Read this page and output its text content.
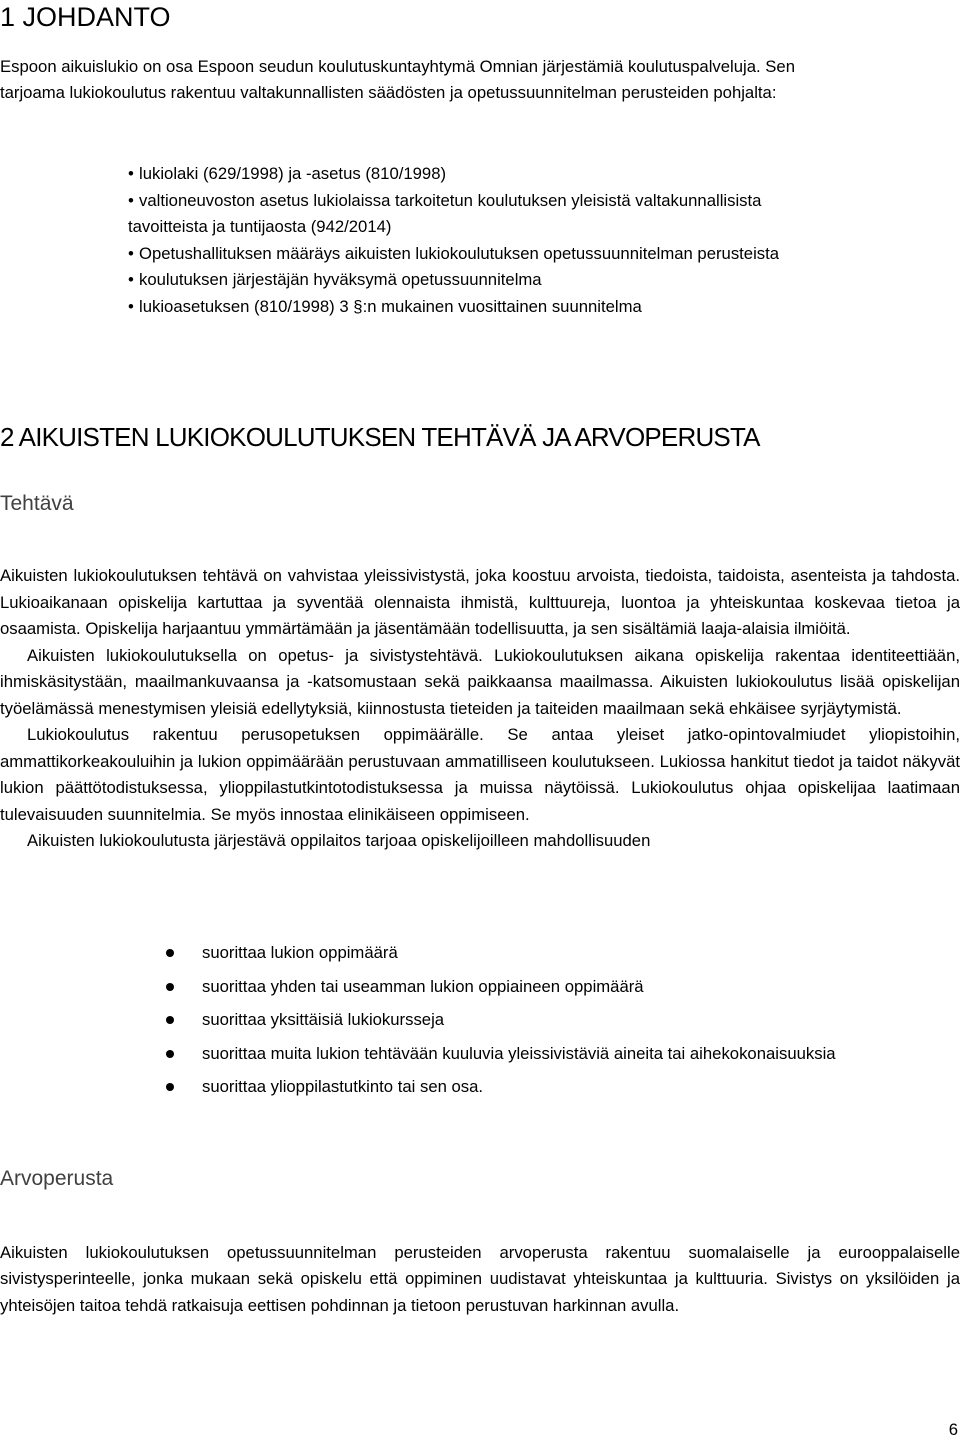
1 JOHDANTO

Espoon aikuislukio on osa Espoon seudun koulutuskuntayhtymä Omnian järjestämiä koulutuspalveluja. Sen
tarjoama lukiokoulutus rakentuu valtakunnallisten säädösten ja opetussuunnitelman perusteiden pohjalta:

• lukiolaki (629/1998) ja -asetus (810/1998)
• valtioneuvoston asetus lukiolaissa tarkoitetun koulutuksen yleisistä valtakunnallisista
tavoitteista ja tuntijaosta (942/2014)
• Opetushallituksen määräys aikuisten lukiokoulutuksen opetussuunnitelman perusteista
• koulutuksen järjestäjän hyväksymä opetussuunnitelma
• lukioasetuksen (810/1998) 3 §:n mukainen vuosittainen suunnitelma
2 AIKUISTEN LUKIOKOULUTUKSEN TEHTÄVÄ JA ARVOPERUSTA
Tehtävä

Aikuisten lukiokoulutuksen tehtävä on vahvistaa yleissivistystä, joka koostuu arvoista, tiedoista, taidoista, asenteista ja tahdosta. Lukioaikanaan opiskelija kartuttaa ja syventää olennaista ihmistä, kulttuureja, luontoa ja yhteiskuntaa koskevaa tietoa ja osaamista. Opiskelija harjaantuu ymmärtämään ja jäsentämään todellisuutta, ja sen sisältämiä laaja-alaisia ilmiöitä.

Aikuisten lukiokoulutuksella on opetus- ja sivistystehtävä. Lukiokoulutuksen aikana opiskelija rakentaa identiteettiään, ihmiskäsitystään, maailmankuvaansa ja -katsomustaan sekä paikkaansa maailmassa. Aikuisten lukiokoulutus lisää opiskelijan työelämässä menestymisen yleisiä edellytyksiä, kiinnostusta tieteiden ja taiteiden maailmaan sekä ehkäisee syrjäytymistä.

Lukiokoulutus rakentuu perusopetuksen oppimäärälle. Se antaa yleiset jatko-opintovalmiudet yliopistoihin, ammattikorkeakouluihin ja lukion oppimäärään perustuvaan ammatilliseen koulutukseen. Lukiossa hankitut tiedot ja taidot näkyvät lukion päättötodistuksessa, ylioppilastutkintotodistuksessa ja muissa näytöissä. Lukiokoulutus ohjaa opiskelijaa laatimaan tulevaisuuden suunnitelmia. Se myös innostaa elinikäiseen oppimiseen.

Aikuisten lukiokoulutusta järjestävä oppilaitos tarjoaa opiskelijoilleen mahdollisuuden

suorittaa lukion oppimäärä
suorittaa yhden tai useamman lukion oppiaineen oppimäärä
suorittaa yksittäisiä lukiokursseja
suorittaa muita lukion tehtävään kuuluvia yleissivistäviä aineita tai aihekokonaisuuksia
suorittaa ylioppilastutkinto tai sen osa.
Arvoperusta

Aikuisten lukiokoulutuksen opetussuunnitelman perusteiden arvoperusta rakentuu suomalaiselle ja eurooppalaiselle sivistysperinteelle, jonka mukaan sekä opiskelu että oppiminen uudistavat yhteiskuntaa ja kulttuuria. Sivistys on yksilöiden ja yhteisöjen taitoa tehdä ratkaisuja eettisen pohdinnan ja tietoon perustuvan harkinnan avulla.

6
